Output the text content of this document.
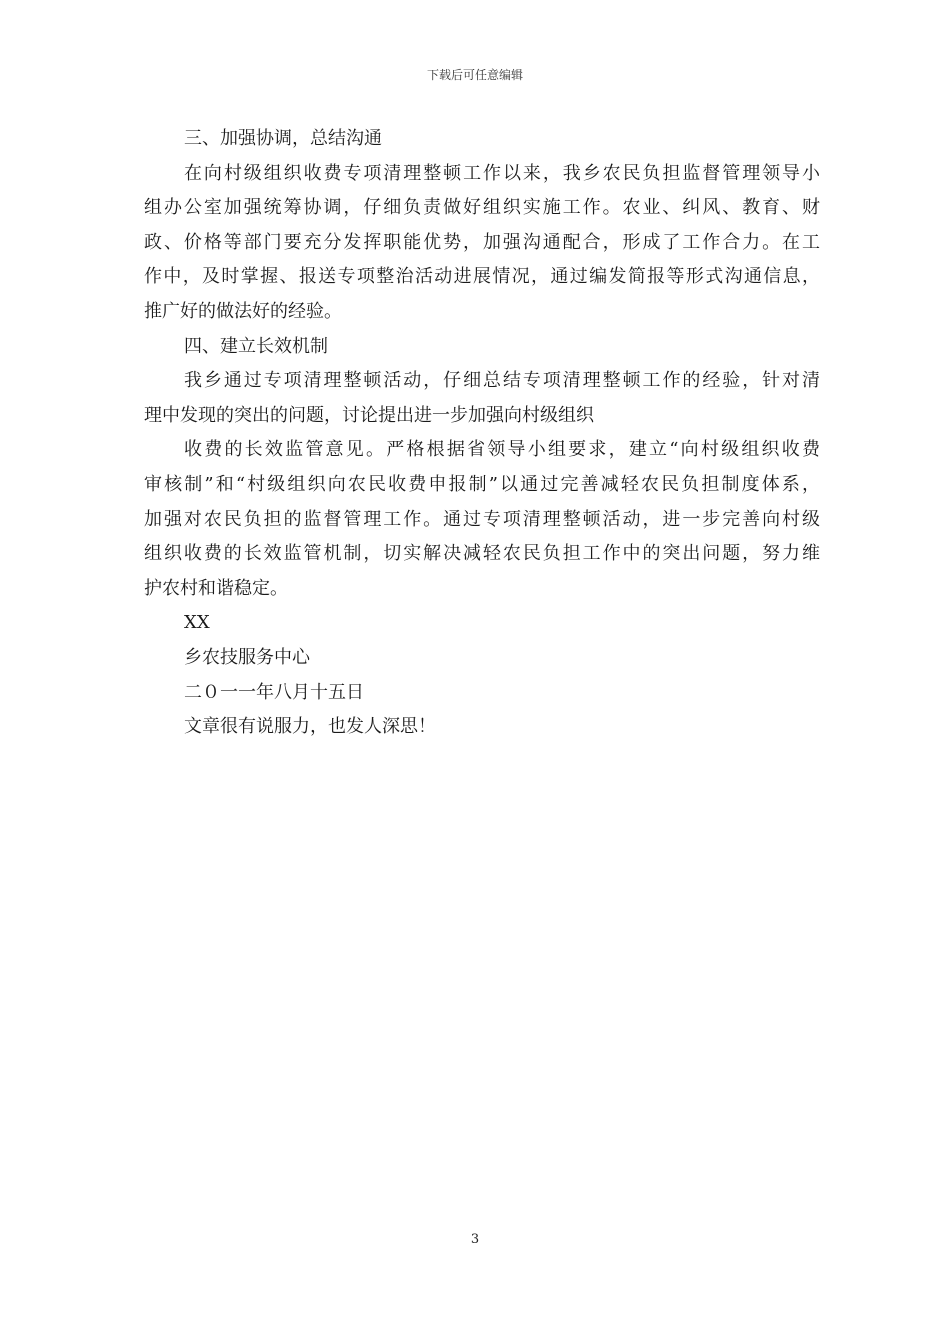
下载后可任意编辑
三、加强协调，总结沟通
在向村级组织收费专项清理整顿工作以来，我乡农民负担监督管理领导小
组办公室加强统筹协调，仔细负责做好组织实施工作。农业、纠风、教育、财
政、价格等部门要充分发挥职能优势，加强沟通配合，形成了工作合力。在工
作中，及时掌握、报送专项整治活动进展情况，通过编发简报等形式沟通信息，
推广好的做法好的经验。
四、建立长效机制
我乡通过专项清理整顿活动，仔细总结专项清理整顿工作的经验，针对清
理中发现的突出的问题，讨论提出进一步加强向村级组织
收费的长效监管意见。严格根据省领导小组要求，建立“向村级组织收费
审核制”和“村级组织向农民收费申报制”以通过完善减轻农民负担制度体系，
加强对农民负担的监督管理工作。通过专项清理整顿活动，进一步完善向村级
组织收费的长效监管机制，切实解决减轻农民负担工作中的突出问题，努力维
护农村和谐稳定。
XX
乡农技服务中心
二０一一年八月十五日
文章很有说服力，也发人深思！
3
